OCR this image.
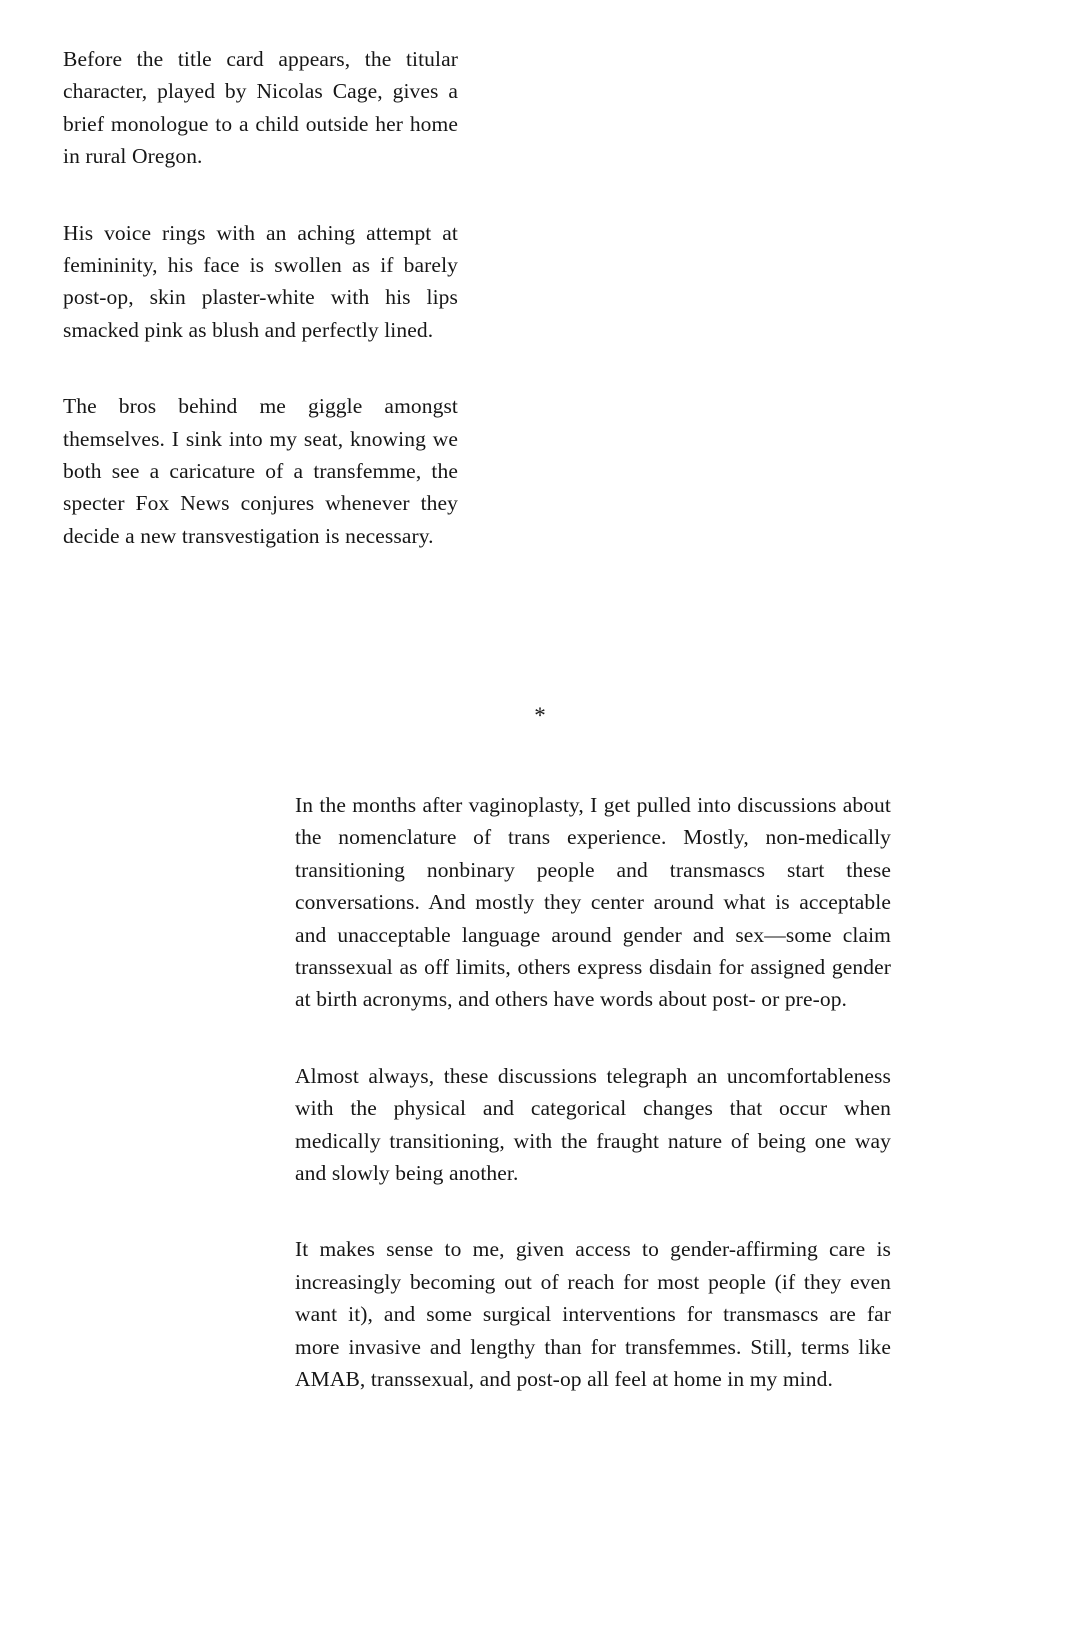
Before the title card appears, the titular character, played by Nicolas Cage, gives a brief monologue to a child outside her home in rural Oregon.

His voice rings with an aching attempt at femininity, his face is swollen as if barely post-op, skin plaster-white with his lips smacked pink as blush and perfectly lined.

The bros behind me giggle amongst themselves. I sink into my seat, knowing we both see a caricature of a transfemme, the specter Fox News conjures whenever they decide a new transvestigation is necessary.

*

In the months after vaginoplasty, I get pulled into discussions about the nomenclature of trans experience. Mostly, non-medically transitioning nonbinary people and transmascs start these conversations. And mostly they center around what is acceptable and unacceptable language around gender and sex—some claim transsexual as off limits, others express disdain for assigned gender at birth acronyms, and others have words about post- or pre-op.

Almost always, these discussions telegraph an uncomfortableness with the physical and categorical changes that occur when medically transitioning, with the fraught nature of being one way and slowly being another.

It makes sense to me, given access to gender-affirming care is increasingly becoming out of reach for most people (if they even want it), and some surgical interventions for transmascs are far more invasive and lengthy than for transfemmes. Still, terms like AMAB, transsexual, and post-op all feel at home in my mind.
